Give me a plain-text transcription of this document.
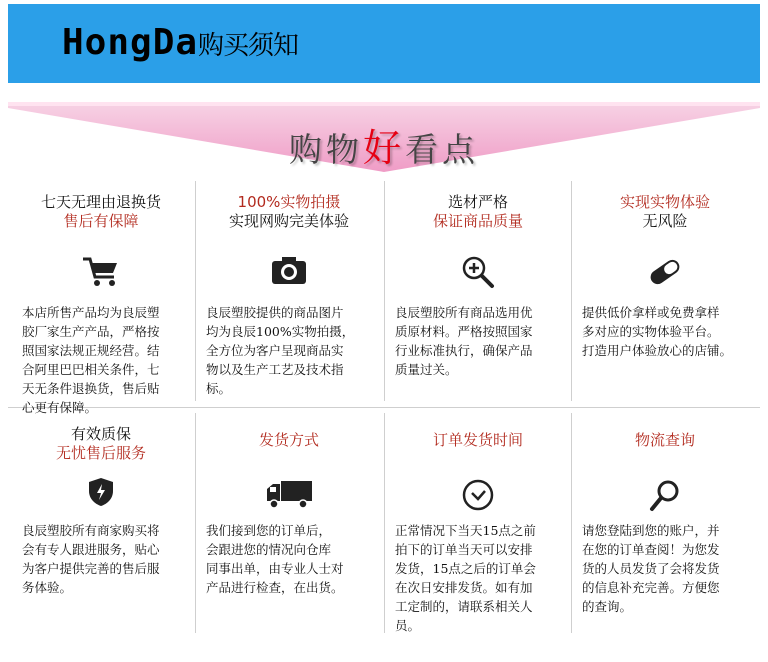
HongDa购买须知
购物好看点
七天无理由退换货
售后有保障
本店所售产品均为良辰塑
胶厂家生产产品，严格按
照国家法规正规经营。结
合阿里巴巴相关条件，七
天无条件退换货，售后贴
心更有保障。
100%实物拍摄
实现网购完美体验
良辰塑胶提供的商品图片
均为良辰100%实物拍摄，
全方位为客户呈现商品实
物以及生产工艺及技术指
标。
选材严格
保证商品质量
良辰塑胶所有商品选用优
质原材料。严格按照国家
行业标准执行，确保产品
质量过关。
实现实物体验
无风险
提供低价拿样或免费拿样
多对应的实物体验平台。
打造用户体验放心的店铺。
有效质保
无忧售后服务
良辰塑胶所有商家购买将
会有专人跟进服务，贴心
为客户提供完善的售后服
务体验。
发货方式
我们接到您的订单后，
会跟进您的情况向仓库
同事出单，由专业人士对
产品进行检查，在出货。
订单发货时间
正常情况下当天15点之前
拍下的订单当天可以安排
发货，15点之后的订单会
在次日安排发货。如有加
工定制的，请联系相关人
员。
物流查询
请您登陆到您的账户，并
在您的订单查阅！为您发
货的人员发货了会将发货
的信息补充完善。方便您
的查询。
